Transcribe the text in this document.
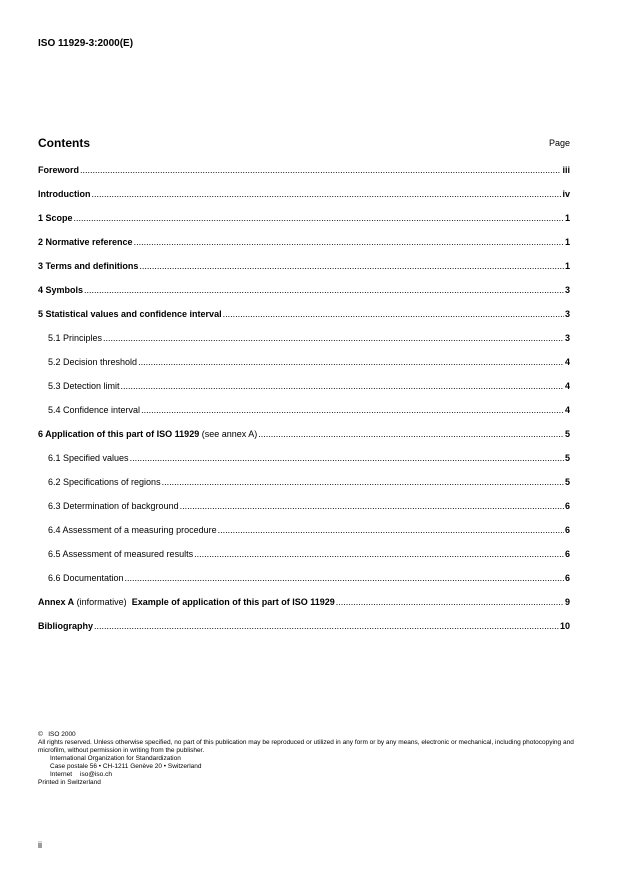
ISO 11929-3:2000(E)
Contents	Page
Foreword .....	iii
Introduction .....	iv
1 Scope .....	1
2 Normative reference .....	1
3 Terms and definitions .....	1
4 Symbols .....	3
5 Statistical values and confidence interval .....	3
5.1 Principles .....	3
5.2 Decision threshold .....	4
5.3 Detection limit .....	4
5.4 Confidence interval .....	4
6 Application of this part of ISO 11929 (see annex A) .....	5
6.1 Specified values .....	5
6.2 Specifications of regions .....	5
6.3 Determination of background .....	6
6.4 Assessment of a measuring procedure .....	6
6.5 Assessment of measured results .....	6
6.6 Documentation .....	6
Annex A (informative)  Example of application of this part of ISO 11929 .....	9
Bibliography .....	10
©   ISO 2000
All rights reserved. Unless otherwise specified, no part of this publication may be reproduced or utilized in any form or by any means, electronic or mechanical, including photocopying and microfilm, without permission in writing from the publisher.
International Organization for Standardization
Case postale 56 • CH-1211 Genève 20 • Switzerland
Internet iso@iso.ch
Printed in Switzerland
ii
